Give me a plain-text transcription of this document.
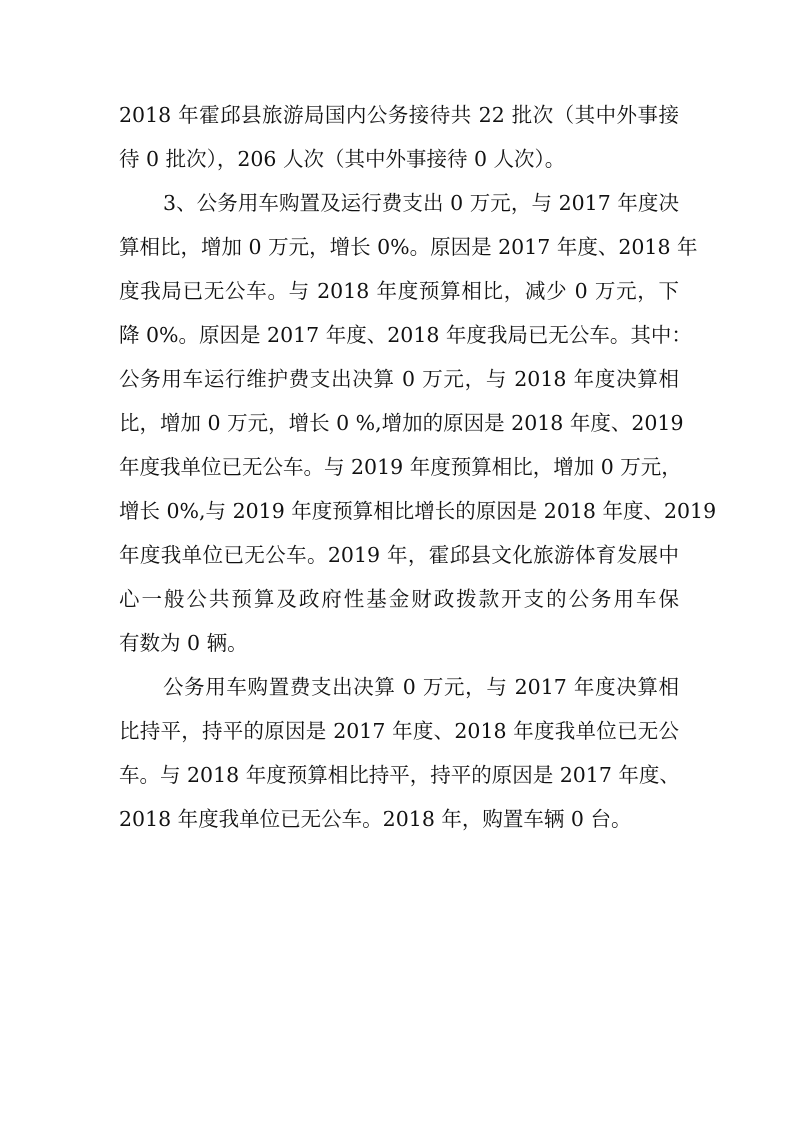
2018 年霍邱县旅游局国内公务接待共 22 批次（其中外事接
待 0 批次），206 人次（其中外事接待 0 人次）。
3、公务用车购置及运行费支出 0 万元，与 2017 年度决
算相比，增加 0 万元，增长 0%。原因是 2017 年度、2018 年
度我局已无公车。与 2018 年度预算相比，减少 0 万元，下
降 0%。原因是 2017 年度、2018 年度我局已无公车。其中：
公务用车运行维护费支出决算 0 万元，与 2018 年度决算相
比，增加 0 万元，增长 0 %,增加的原因是 2018 年度、2019
年度我单位已无公车。与 2019 年度预算相比，增加 0 万元，
增长 0%,与 2019 年度预算相比增长的原因是 2018 年度、2019
年度我单位已无公车。2019 年，霍邱县文化旅游体育发展中
心一般公共预算及政府性基金财政拨款开支的公务用车保
有数为 0 辆。
公务用车购置费支出决算 0 万元，与 2017 年度决算相
比持平，持平的原因是 2017 年度、2018 年度我单位已无公
车。与 2018 年度预算相比持平，持平的原因是 2017 年度、
2018 年度我单位已无公车。2018 年，购置车辆 0 台。
